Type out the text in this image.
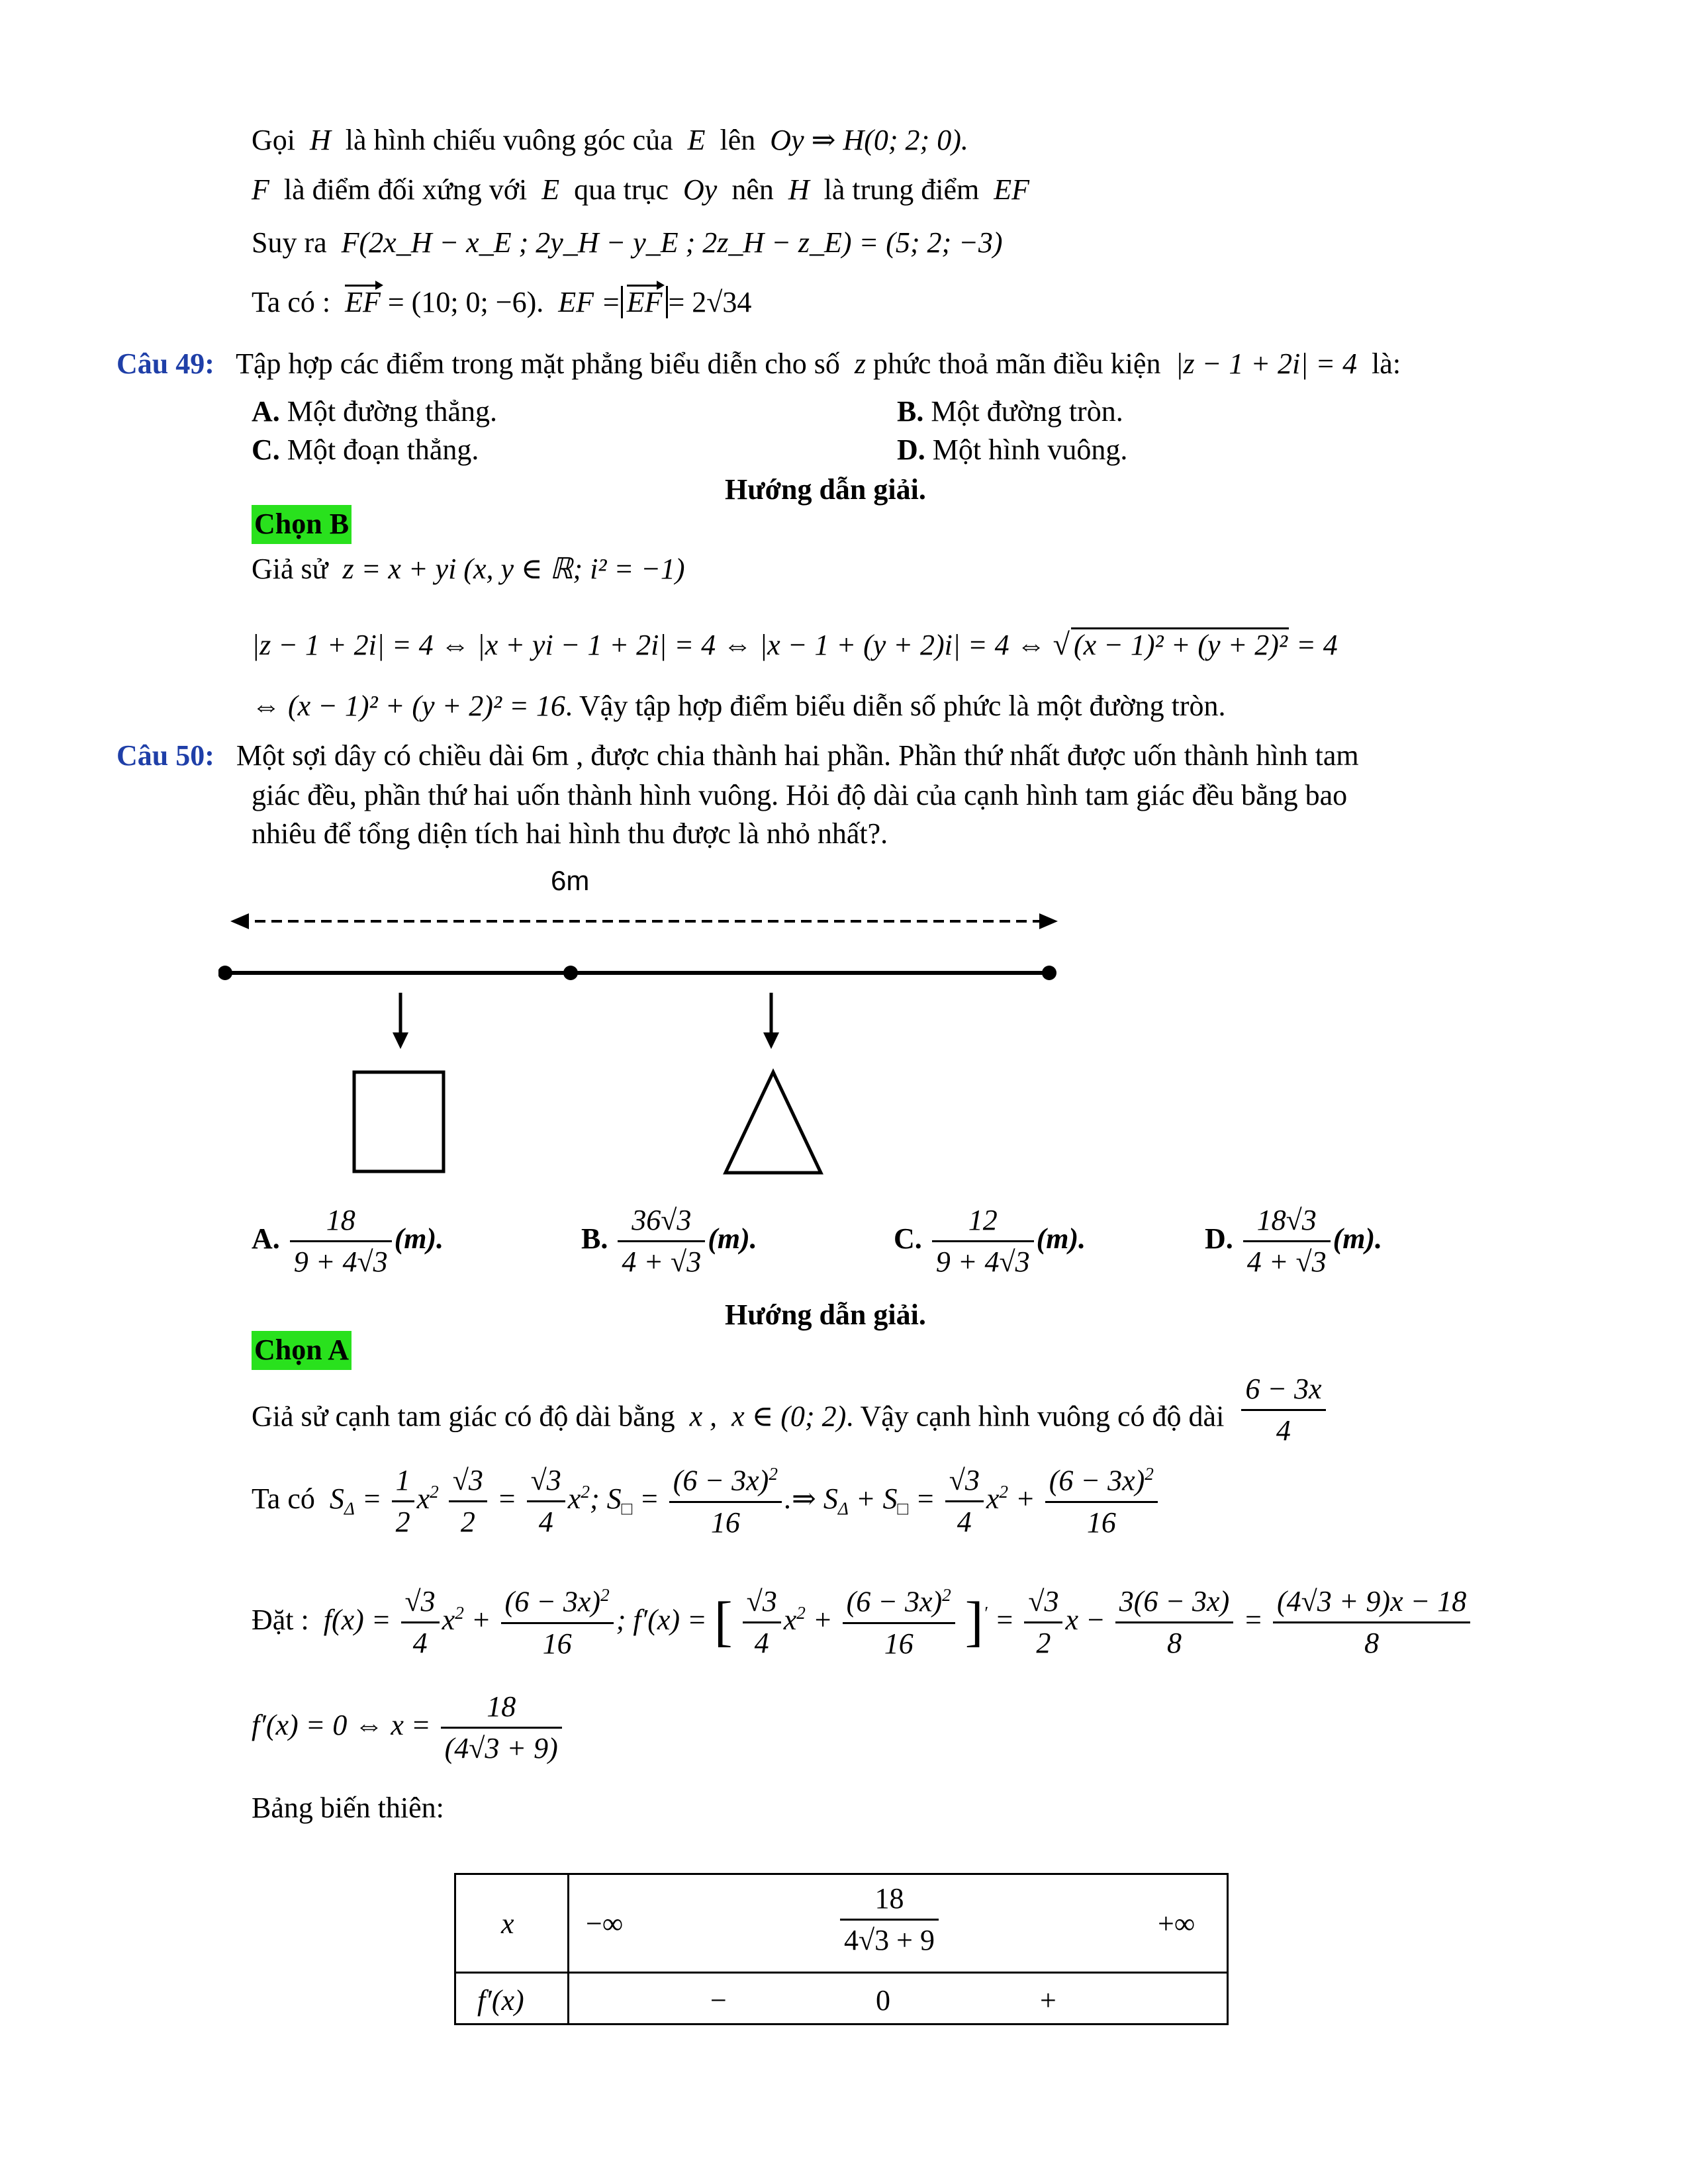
Gọi H là hình chiếu vuông góc của E lên Oy ⇒ H(0; 2; 0).
F là điểm đối xứng với E qua trục Oy nên H là trung điểm EF
Suy ra F(2x_H − x_E ; 2y_H − y_E ; 2z_H − z_E) = (5; 2; −3)
Ta có : EF = (10; 0; −6). EF = EF = 2√34
Câu 49: Tập hợp các điểm trong mặt phẳng biểu diễn cho số z phức thoả mãn điều kiện |z − 1 + 2i| = 4 là:
A. Một đường thẳng.	B. Một đường tròn.
C. Một đoạn thẳng.	D. Một hình vuông.
Hướng dẫn giải.
Chọn B
Giả sử z = x + yi (x, y ∈ ℝ; i² = −1)
|z − 1 + 2i| = 4 ⇔ |x + yi − 1 + 2i| = 4 ⇔ |x − 1 + (y + 2)i| = 4 ⇔ √ (x − 1)² + (y + 2)² = 4
⇔ (x − 1)² + (y + 2)² = 16. Vậy tập hợp điểm biểu diễn số phức là một đường tròn.
Câu 50: Một sợi dây có chiều dài 6m , được chia thành hai phần. Phần thứ nhất được uốn thành hình tam
giác đều, phần thứ hai uốn thành hình vuông. Hỏi độ dài của cạnh hình tam giác đều bằng bao
nhiêu để tổng diện tích hai hình thu được là nhỏ nhất?.
6m
A. $\frac{18}{9 + 4√3} (m)$.	B. $\frac{36√3}{4 + √3} (m)$.	C. $\frac{12}{9 + 4√3} (m)$.	D. $\frac{18√3}{4 + √3} (m)$.
Hướng dẫn giải.
Chọn A
Giả sử cạnh tam giác có độ dài bằng x , x ∈ (0; 2). Vậy cạnh hình vuông có độ dài $\frac{6 - 3x}{4}$
Ta có $S_\Delta = \frac{1}{2} x^2 \frac{√3}{2} = \frac{√3}{4} x^2$; $S_□ = \frac{(6 - 3x)^2}{16}$ .⇒ $S_\Delta + S_□ = \frac{√3}{4} x^2 + \frac{(6 - 3x)^2}{16}$
Đặt :  $f(x) = \frac{√3}{4} x^2 + \frac{(6 - 3x)^2}{16}$ ; f′(x) = [ $\frac{√3}{4} x^2 + \frac{(6 - 3x)^2}{16} ]' = \frac{√3}{2}$ $x - \frac{3(6 - 3x)}{8} = \frac{(4√3 + 9)x - 18}{8}$
f′(x) = 0 ⇔ $x = \frac{18}{(4√3 + 9)}$
Bảng biến thiên:
x −∞	$\frac{18}{4√3 + 9}$	+∞
f′(x)	−	0	+
